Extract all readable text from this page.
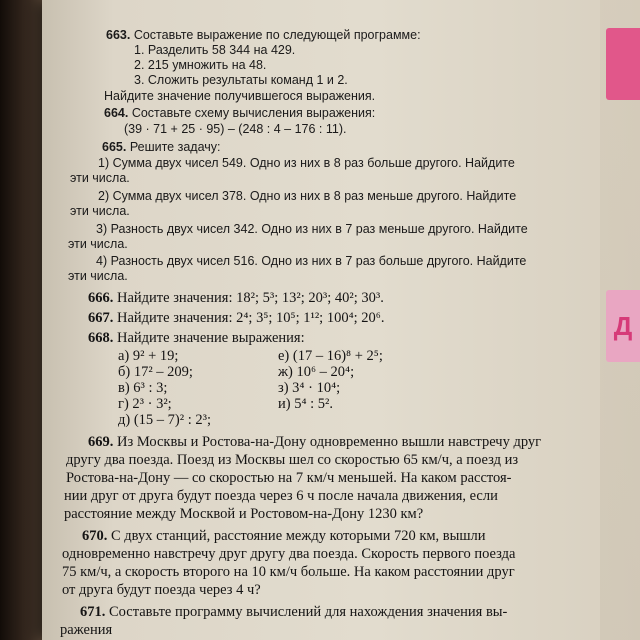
Д
663. Составьте выражение по следующей программе:
1. Разделить 58 344 на 429.
2. 215 умножить на 48.
3. Сложить результаты команд 1 и 2.
Найдите значение получившегося выражения.
664. Составьте схему вычисления выражения:
(39 · 71 + 25 · 95) – (248 : 4 – 176 : 11).
665. Решите задачу:
1) Сумма двух чисел 549. Одно из них в 8 раз больше другого. Найдите
эти числа.
2) Сумма двух чисел 378. Одно из них в 8 раз меньше другого. Найдите
эти числа.
3) Разность двух чисел 342. Одно из них в 7 раз меньше другого. Найдите
эти числа.
4) Разность двух чисел 516. Одно из них в 7 раз больше другого. Найдите
эти числа.
666. Найдите значения: 18²; 5³; 13²; 20³; 40²; 30³.
667. Найдите значения: 2⁴; 3⁵; 10⁵; 1¹²; 100⁴; 20⁶.
668. Найдите значение выражения:
а) 9² + 19;	е) (17 – 16)⁸ + 2⁵;
б) 17² – 209;	ж) 10⁶ – 20⁴;
в) 6³ : 3;	з) 3⁴ · 10⁴;
г) 2³ · 3²;	и) 5⁴ : 5².
д) (15 – 7)² : 2³;
669. Из Москвы и Ростова-на-Дону одновременно вышли навстречу друг
другу два поезда. Поезд из Москвы шел со скоростью 65 км/ч, а поезд из
Ростова-на-Дону — со скоростью на 7 км/ч меньшей. На каком расстоя-
нии друг от друга будут поезда через 6 ч после начала движения, если
расстояние между Москвой и Ростовом-на-Дону 1230 км?
670. С двух станций, расстояние между которыми 720 км, вышли
одновременно навстречу друг другу два поезда. Скорость первого поезда
75 км/ч, а скорость второго на 10 км/ч больше. На каком расстоянии друг
от друга будут поезда через 4 ч?
671. Составьте программу вычислений для нахождения значения вы-
ражения
